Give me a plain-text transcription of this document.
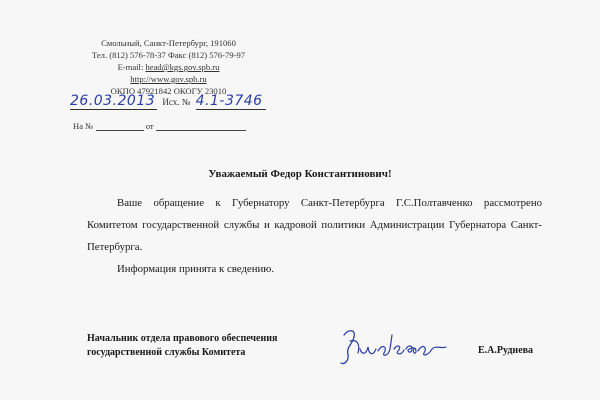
Смольный, Санкт-Петербург, 191060
Тел. (812) 576-78-37 Факс (812) 576-79-97
E-mail: head@kgs.gov.spb.ru
http://www.gov.spb.ru
ОКПО 47921842 ОКОГУ 23010
26.03.2013 Исх. № 4.1-3746
На №	от
Уважаемый Федор Константинович!

Ваше обращение к Губернатору Санкт-Петербурга Г.С.Полтавченко рассмотрено Комитетом государственной службы и кадровой политики Администрации Губернатора Санкт-Петербурга.

Информация принята к сведению.

Начальник отдела правового обеспечения
государственной службы Комитета	Е.А.Руднева
